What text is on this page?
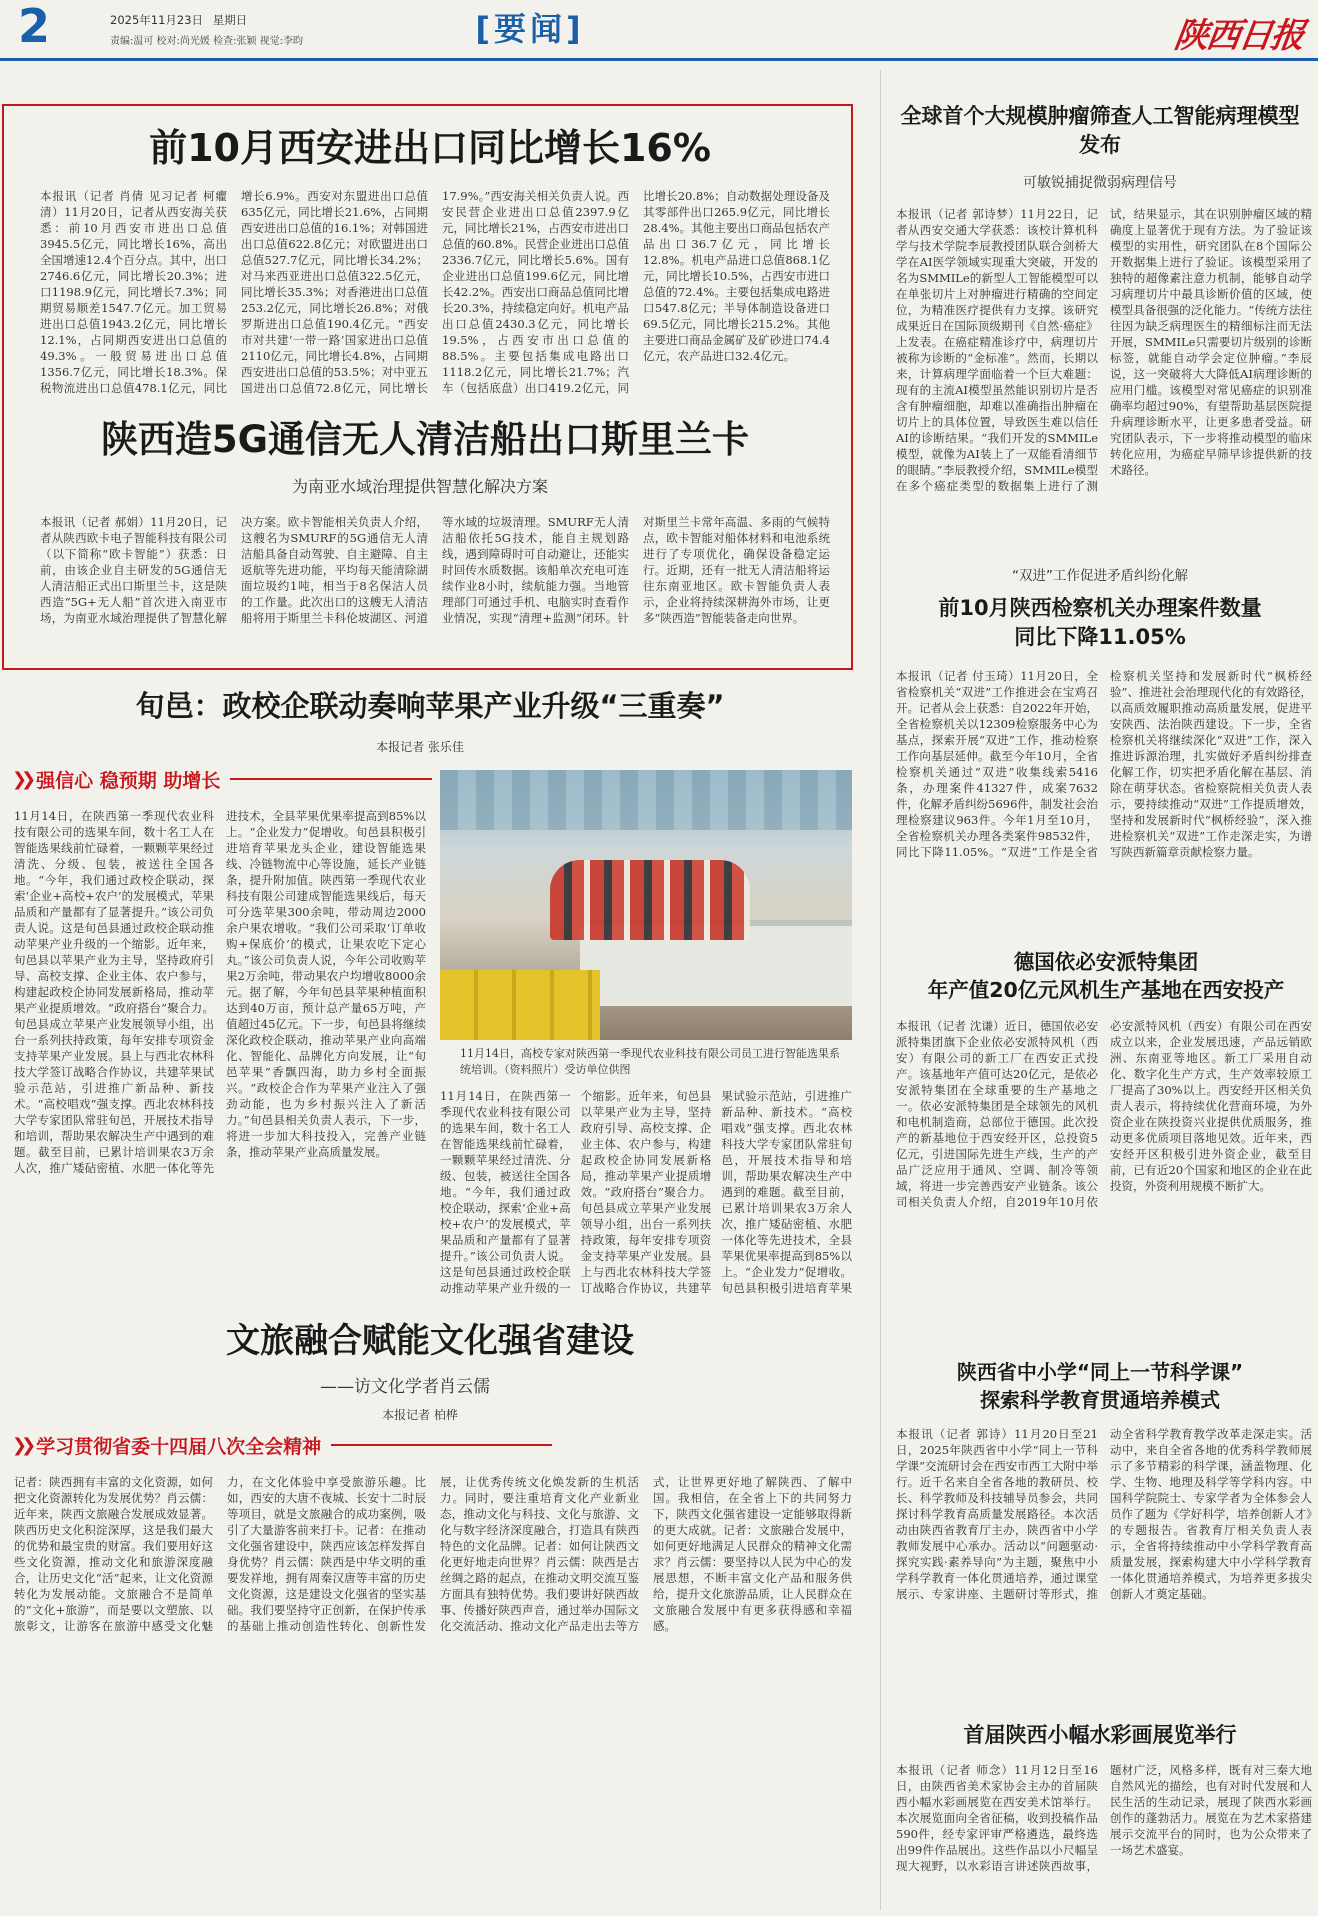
2	2025年11月23日 星期日
责编:温可 校对:尚光媛 检查:张颖 视觉:李昀	[要闻]	陕西日报
前10月西安进出口同比增长16%
本报讯（记者 肖倩 见习记者 柯癯清）11月20日，记者从西安海关获悉：前10月西安市进出口总值3945.5亿元，同比增长16%，高出全国增速12.4个百分点。其中，出口2746.6亿元，同比增长20.3%；进口1198.9亿元，同比增长7.3%；同期贸易顺差1547.7亿元。加工贸易进出口总值1943.2亿元，同比增长12.1%，占同期西安进出口总值的49.3%。一般贸易进出口总值1356.7亿元，同比增长18.3%。保税物流进出口总值478.1亿元，同比增长6.9%。西安对东盟进出口总值635亿元，同比增长21.6%，占同期西安进出口总值的16.1%；对韩国进出口总值622.8亿元；对欧盟进出口总值527.7亿元，同比增长34.2%；对马来西亚进出口总值322.5亿元，同比增长35.3%；对香港进出口总值253.2亿元，同比增长26.8%；对俄罗斯进出口总值190.4亿元。“西安市对共建‘一带一路’国家进出口总值2110亿元，同比增长4.8%，占同期西安进出口总值的53.5%；对中亚五国进出口总值72.8亿元，同比增长17.9%。”西安海关相关负责人说。西安民营企业进出口总值2397.9亿元，同比增长21%，占西安市进出口总值的60.8%。民营企业进出口总值2336.7亿元，同比增长5.6%。国有企业进出口总值199.6亿元，同比增长42.2%。西安出口商品总值同比增长20.3%，持续稳定向好。机电产品出口总值2430.3亿元，同比增长19.5%，占西安市出口总值的88.5%。主要包括集成电路出口1118.2亿元，同比增长21.7%；汽车（包括底盘）出口419.2亿元，同比增长20.8%；自动数据处理设备及其零部件出口265.9亿元，同比增长28.4%。其他主要出口商品包括农产品出口36.7亿元，同比增长12.8%。机电产品进口总值868.1亿元，同比增长10.5%，占西安市进口总值的72.4%。主要包括集成电路进口547.8亿元；半导体制造设备进口69.5亿元，同比增长215.2%。其他主要进口商品金属矿及矿砂进口74.4亿元，农产品进口32.4亿元。
陕西造5G通信无人清洁船出口斯里兰卡
为南亚水域治理提供智慧化解决方案
本报讯（记者 郝娟）11月20日，记者从陕西欧卡电子智能科技有限公司（以下简称“欧卡智能”）获悉：日前，由该企业自主研发的5G通信无人清洁船正式出口斯里兰卡，这是陕西造“5G+无人船”首次进入南亚市场，为南亚水域治理提供了智慧化解决方案。欧卡智能相关负责人介绍，这艘名为SMURF的5G通信无人清洁船具备自动驾驶、自主避障、自主返航等先进功能，平均每天能清除湖面垃圾约1吨，相当于8名保洁人员的工作量。此次出口的这艘无人清洁船将用于斯里兰卡科伦坡湖区、河道等水域的垃圾清理。SMURF无人清洁船依托5G技术，能自主规划路线，遇到障碍时可自动避让，还能实时回传水质数据。该船单次充电可连续作业8小时，续航能力强。当地管理部门可通过手机、电脑实时查看作业情况，实现“清理+监测”闭环。针对斯里兰卡常年高温、多雨的气候特点，欧卡智能对船体材料和电池系统进行了专项优化，确保设备稳定运行。近期，还有一批无人清洁船将运往东南亚地区。欧卡智能负责人表示，企业将持续深耕海外市场，让更多“陕西造”智能装备走向世界。
旬邑：政校企联动奏响苹果产业升级“三重奏”
本报记者 张乐佳
❯❯ 强信心 稳预期 助增长
11月14日，在陕西第一季现代农业科技有限公司的选果车间，数十名工人在智能选果线前忙碌着，一颗颗苹果经过清洗、分级、包装，被送往全国各地。“今年，我们通过政校企联动，探索‘企业+高校+农户’的发展模式，苹果品质和产量都有了显著提升。”该公司负责人说。这是旬邑县通过政校企联动推动苹果产业升级的一个缩影。近年来，旬邑县以苹果产业为主导，坚持政府引导、高校支撑、企业主体、农户参与，构建起政校企协同发展新格局，推动苹果产业提质增效。“政府搭台”聚合力。旬邑县成立苹果产业发展领导小组，出台一系列扶持政策，每年安排专项资金支持苹果产业发展。县上与西北农林科技大学签订战略合作协议，共建苹果试验示范站，引进推广新品种、新技术。“高校唱戏”强支撑。西北农林科技大学专家团队常驻旬邑，开展技术指导和培训，帮助果农解决生产中遇到的难题。截至目前，已累计培训果农3万余人次，推广矮砧密植、水肥一体化等先进技术，全县苹果优果率提高到85%以上。“企业发力”促增收。旬邑县积极引进培育苹果龙头企业，建设智能选果线、冷链物流中心等设施，延长产业链条，提升附加值。陕西第一季现代农业科技有限公司建成智能选果线后，每天可分选苹果300余吨，带动周边2000余户果农增收。“我们公司采取‘订单收购+保底价’的模式，让果农吃下定心丸。”该公司负责人说，今年公司收购苹果2万余吨，带动果农户均增收8000余元。据了解，今年旬邑县苹果种植面积达到40万亩，预计总产量65万吨，产值超过45亿元。下一步，旬邑县将继续深化政校企联动，推动苹果产业向高端化、智能化、品牌化方向发展，让“旬邑苹果”香飘四海，助力乡村全面振兴。“政校企合作为苹果产业注入了强劲动能，也为乡村振兴注入了新活力。”旬邑县相关负责人表示，下一步，将进一步加大科技投入，完善产业链条，推动苹果产业高质量发展。
11月14日，高校专家对陕西第一季现代农业科技有限公司员工进行智能选果系统培训。（资料照片）受访单位供图
11月14日，在陕西第一季现代农业科技有限公司的选果车间，数十名工人在智能选果线前忙碌着，一颗颗苹果经过清洗、分级、包装，被送往全国各地。“今年，我们通过政校企联动，探索‘企业+高校+农户’的发展模式，苹果品质和产量都有了显著提升。”该公司负责人说。这是旬邑县通过政校企联动推动苹果产业升级的一个缩影。近年来，旬邑县以苹果产业为主导，坚持政府引导、高校支撑、企业主体、农户参与，构建起政校企协同发展新格局，推动苹果产业提质增效。“政府搭台”聚合力。旬邑县成立苹果产业发展领导小组，出台一系列扶持政策，每年安排专项资金支持苹果产业发展。县上与西北农林科技大学签订战略合作协议，共建苹果试验示范站，引进推广新品种、新技术。“高校唱戏”强支撑。西北农林科技大学专家团队常驻旬邑，开展技术指导和培训，帮助果农解决生产中遇到的难题。截至目前，已累计培训果农3万余人次，推广矮砧密植、水肥一体化等先进技术，全县苹果优果率提高到85%以上。“企业发力”促增收。旬邑县积极引进培育苹果
文旅融合赋能文化强省建设
——访文化学者肖云儒
本报记者 柏桦
❯❯ 学习贯彻省委十四届八次全会精神
记者：陕西拥有丰富的文化资源，如何把文化资源转化为发展优势？肖云儒：近年来，陕西文旅融合发展成效显著。陕西历史文化积淀深厚，这是我们最大的优势和最宝贵的财富。我们要用好这些文化资源，推动文化和旅游深度融合，让历史文化“活”起来，让文化资源转化为发展动能。文旅融合不是简单的“文化+旅游”，而是要以文塑旅、以旅彰文，让游客在旅游中感受文化魅力，在文化体验中享受旅游乐趣。比如，西安的大唐不夜城、长安十二时辰等项目，就是文旅融合的成功案例，吸引了大量游客前来打卡。记者：在推动文化强省建设中，陕西应该怎样发挥自身优势？肖云儒：陕西是中华文明的重要发祥地，拥有周秦汉唐等丰富的历史文化资源，这是建设文化强省的坚实基础。我们要坚持守正创新，在保护传承的基础上推动创造性转化、创新性发展，让优秀传统文化焕发新的生机活力。同时，要注重培育文化产业新业态，推动文化与科技、文化与旅游、文化与数字经济深度融合，打造具有陕西特色的文化品牌。记者：如何让陕西文化更好地走向世界？肖云儒：陕西是古丝绸之路的起点，在推动文明交流互鉴方面具有独特优势。我们要讲好陕西故事、传播好陕西声音，通过举办国际文化交流活动、推动文化产品走出去等方式，让世界更好地了解陕西、了解中国。我相信，在全省上下的共同努力下，陕西文化强省建设一定能够取得新的更大成就。记者：文旅融合发展中，如何更好地满足人民群众的精神文化需求？肖云儒：要坚持以人民为中心的发展思想，不断丰富文化产品和服务供给，提升文化旅游品质，让人民群众在文旅融合发展中有更多获得感和幸福感。
全球首个大规模肿瘤筛查人工智能病理模型发布
可敏锐捕捉微弱病理信号
本报讯（记者 郭诗梦）11月22日，记者从西安交通大学获悉：该校计算机科学与技术学院李辰教授团队联合剑桥大学在AI医学领域实现重大突破，开发的名为SMMILe的新型人工智能模型可以在单张切片上对肿瘤进行精确的空间定位，为精准医疗提供有力支撑。该研究成果近日在国际顶级期刊《自然·癌症》上发表。在癌症精准诊疗中，病理切片被称为诊断的“金标准”。然而，长期以来，计算病理学面临着一个巨大难题：现有的主流AI模型虽然能识别切片是否含有肿瘤细胞，却难以准确指出肿瘤在切片上的具体位置，导致医生难以信任AI的诊断结果。“我们开发的SMMILe模型，就像为AI装上了一双能看清细节的眼睛。”李辰教授介绍，SMMILe模型在多个癌症类型的数据集上进行了测试，结果显示，其在识别肿瘤区域的精确度上显著优于现有方法。为了验证该模型的实用性，研究团队在8个国际公开数据集上进行了验证。该模型采用了独特的超像素注意力机制，能够自动学习病理切片中最具诊断价值的区域，使模型具备很强的泛化能力。“传统方法往往因为缺乏病理医生的精细标注而无法开展，SMMILe只需要切片级别的诊断标签，就能自动学会定位肿瘤。”李辰说，这一突破将大大降低AI病理诊断的应用门槛。该模型对常见癌症的识别准确率均超过90%，有望帮助基层医院提升病理诊断水平，让更多患者受益。研究团队表示，下一步将推动模型的临床转化应用，为癌症早筛早诊提供新的技术路径。
“双进”工作促进矛盾纠纷化解
前10月陕西检察机关办理案件数量
同比下降11.05%
本报讯（记者 付玉琦）11月20日，全省检察机关“双进”工作推进会在宝鸡召开。记者从会上获悉：自2022年开始，全省检察机关以12309检察服务中心为基点，探索开展“双进”工作，推动检察工作向基层延伸。截至今年10月，全省检察机关通过“双进”收集线索5416条，办理案件41327件，成案7632件，化解矛盾纠纷5696件，制发社会治理检察建议963件。今年1月至10月，全省检察机关办理各类案件98532件，同比下降11.05%。“双进”工作是全省检察机关坚持和发展新时代“枫桥经验”、推进社会治理现代化的有效路径，以高质效履职推动高质量发展，促进平安陕西、法治陕西建设。下一步，全省检察机关将继续深化“双进”工作，深入推进诉源治理，扎实做好矛盾纠纷排查化解工作，切实把矛盾化解在基层、消除在萌芽状态。省检察院相关负责人表示，要持续推动“双进”工作提质增效，坚持和发展新时代“枫桥经验”，深入推进检察机关“双进”工作走深走实，为谱写陕西新篇章贡献检察力量。
德国依必安派特集团
年产值20亿元风机生产基地在西安投产
本报讯（记者 沈谦）近日，德国依必安派特集团旗下企业依必安派特风机（西安）有限公司的新工厂在西安正式投产。该基地年产值可达20亿元，是依必安派特集团在全球重要的生产基地之一。依必安派特集团是全球领先的风机和电机制造商，总部位于德国。此次投产的新基地位于西安经开区，总投资5亿元，引进国际先进生产线，生产的产品广泛应用于通风、空调、制冷等领域，将进一步完善西安产业链条。该公司相关负责人介绍，自2019年10月依必安派特风机（西安）有限公司在西安成立以来，企业发展迅速，产品远销欧洲、东南亚等地区。新工厂采用自动化、数字化生产方式，生产效率较原工厂提高了30%以上。西安经开区相关负责人表示，将持续优化营商环境，为外资企业在陕投资兴业提供优质服务，推动更多优质项目落地见效。近年来，西安经开区积极引进外资企业，截至目前，已有近20个国家和地区的企业在此投资，外资利用规模不断扩大。
陕西省中小学“同上一节科学课”
探索科学教育贯通培养模式
本报讯（记者 郭诗）11月20日至21日，2025年陕西省中小学“同上一节科学课”交流研讨会在西安市西工大附中举行。近千名来自全省各地的教研员、校长、科学教师及科技辅导员参会，共同探讨科学教育高质量发展路径。本次活动由陕西省教育厅主办，陕西省中小学教师发展中心承办。活动以“问题驱动·探究实践·素养导向”为主题，聚焦中小学科学教育一体化贯通培养，通过课堂展示、专家讲座、主题研讨等形式，推动全省科学教育教学改革走深走实。活动中，来自全省各地的优秀科学教师展示了多节精彩的科学课，涵盖物理、化学、生物、地理及科学等学科内容。中国科学院院士、专家学者为全体参会人员作了题为《学好科学，培养创新人才》的专题报告。省教育厅相关负责人表示，全省将持续推动中小学科学教育高质量发展，探索构建大中小学科学教育一体化贯通培养模式，为培养更多拔尖创新人才奠定基础。
首届陕西小幅水彩画展览举行
本报讯（记者 师念）11月12日至16日，由陕西省美术家协会主办的首届陕西小幅水彩画展览在西安美术馆举行。本次展览面向全省征稿，收到投稿作品590件，经专家评审严格遴选，最终选出99件作品展出。这些作品以小尺幅呈现大视野，以水彩语言讲述陕西故事，题材广泛，风格多样，既有对三秦大地自然风光的描绘，也有对时代发展和人民生活的生动记录，展现了陕西水彩画创作的蓬勃活力。展览在为艺术家搭建展示交流平台的同时，也为公众带来了一场艺术盛宴。
